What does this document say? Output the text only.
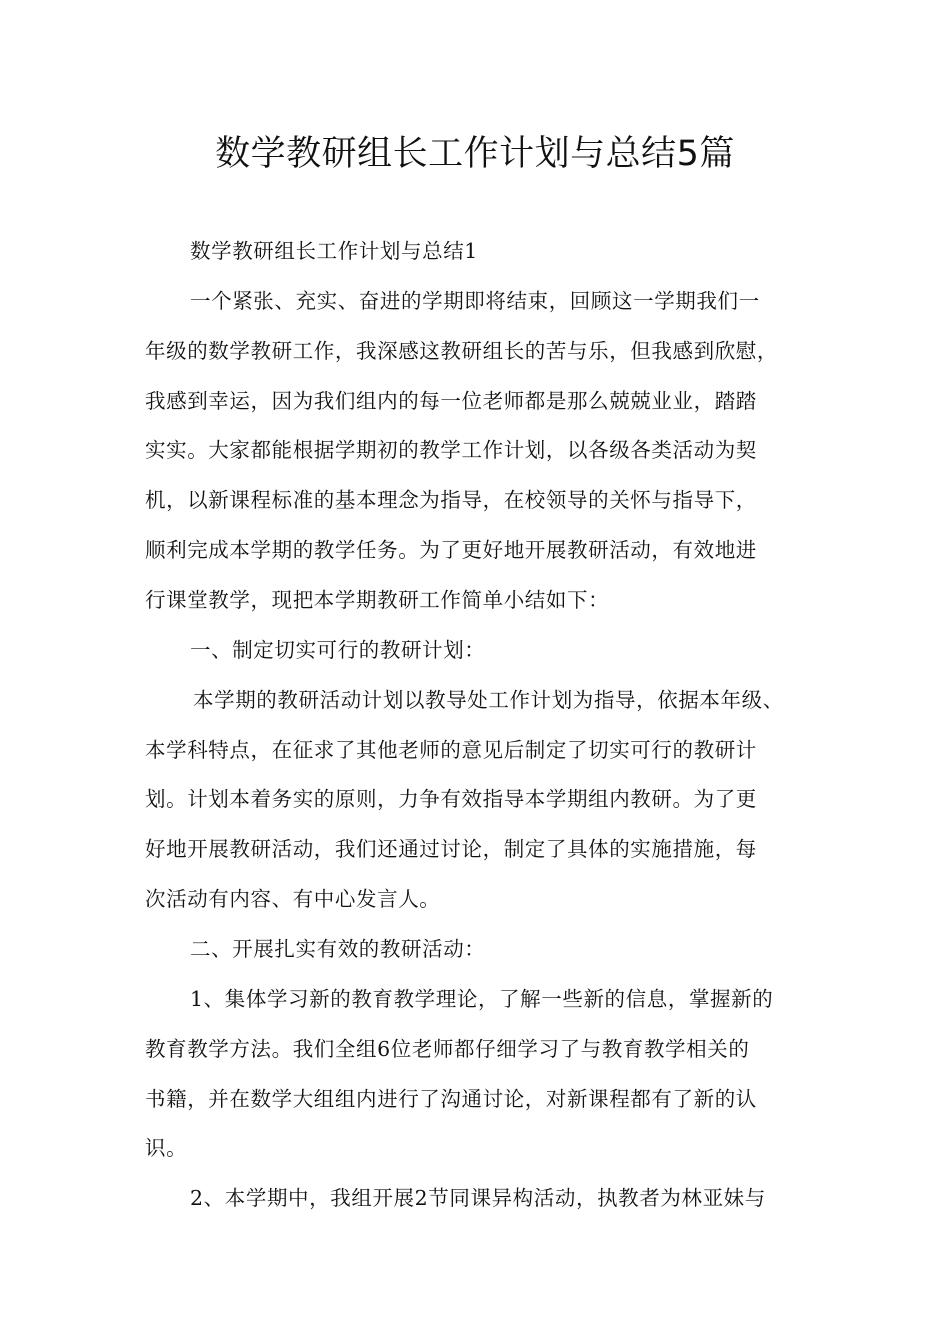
数学教研组长工作计划与总结5篇

数学教研组长工作计划与总结1

一个紧张、充实、奋进的学期即将结束，回顾这一学期我们一

年级的数学教研工作，我深感这教研组长的苦与乐，但我感到欣慰，

我感到幸运，因为我们组内的每一位老师都是那么兢兢业业，踏踏

实实。大家都能根据学期初的教学工作计划，以各级各类活动为契

机，以新课程标准的基本理念为指导，在校领导的关怀与指导下，

顺利完成本学期的教学任务。为了更好地开展教研活动，有效地进

行课堂教学，现把本学期教研工作简单小结如下：

一、制定切实可行的教研计划：

本学期的教研活动计划以教导处工作计划为指导，依据本年级、

本学科特点，在征求了其他老师的意见后制定了切实可行的教研计

划。计划本着务实的原则，力争有效指导本学期组内教研。为了更

好地开展教研活动，我们还通过讨论，制定了具体的实施措施，每

次活动有内容、有中心发言人。

二、开展扎实有效的教研活动：

1、集体学习新的教育教学理论，了解一些新的信息，掌握新的

教育教学方法。我们全组6位老师都仔细学习了与教育教学相关的

书籍，并在数学大组组内进行了沟通讨论，对新课程都有了新的认

识。

2、本学期中，我组开展2节同课异构活动，执教者为林亚妹与
